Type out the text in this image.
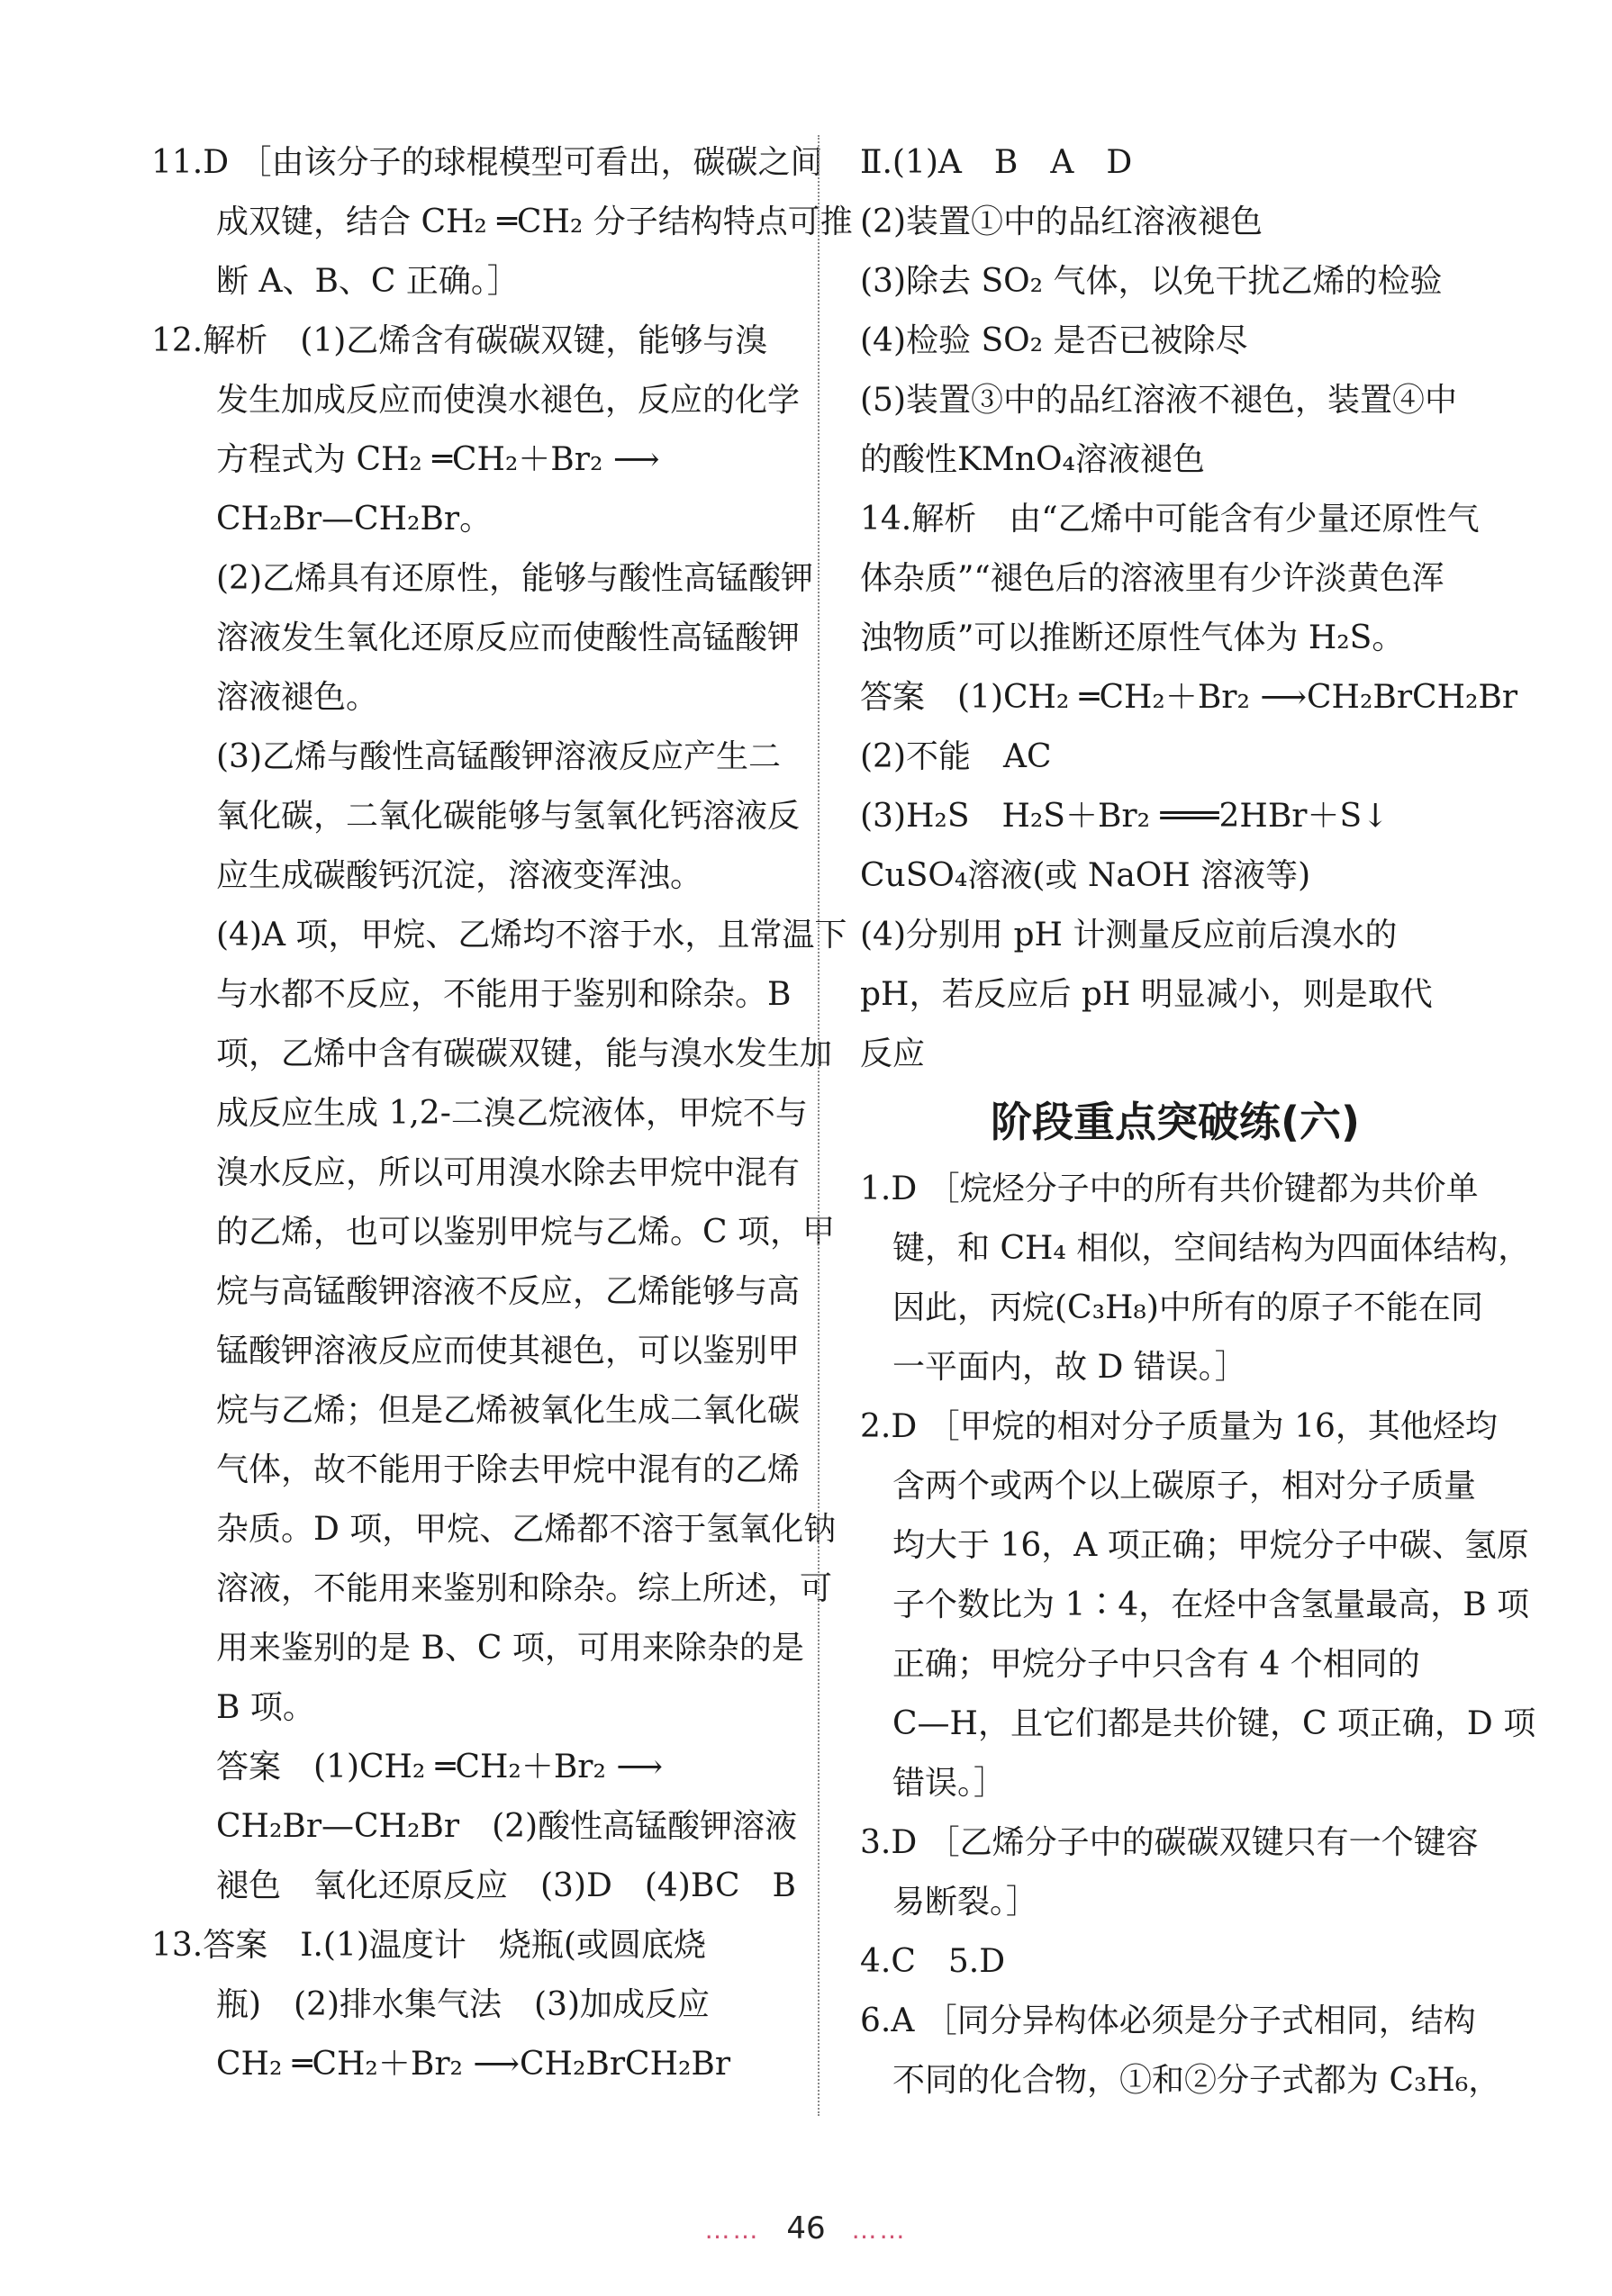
11.D ［由该分子的球棍模型可看出，碳碳之间
　　成双键，结合 CH₂ ═CH₂ 分子结构特点可推
　　断 A、B、C 正确。］
12.解析　(1)乙烯含有碳碳双键，能够与溴
　　发生加成反应而使溴水褪色，反应的化学
　　方程式为 CH₂ ═CH₂＋Br₂ ⟶
　　CH₂Br—CH₂Br。
　　(2)乙烯具有还原性，能够与酸性高锰酸钾
　　溶液发生氧化还原反应而使酸性高锰酸钾
　　溶液褪色。
　　(3)乙烯与酸性高锰酸钾溶液反应产生二
　　氧化碳，二氧化碳能够与氢氧化钙溶液反
　　应生成碳酸钙沉淀，溶液变浑浊。
　　(4)A 项，甲烷、乙烯均不溶于水，且常温下
　　与水都不反应，不能用于鉴别和除杂。B
　　项，乙烯中含有碳碳双键，能与溴水发生加
　　成反应生成 1,2-二溴乙烷液体，甲烷不与
　　溴水反应，所以可用溴水除去甲烷中混有
　　的乙烯，也可以鉴别甲烷与乙烯。C 项，甲
　　烷与高锰酸钾溶液不反应，乙烯能够与高
　　锰酸钾溶液反应而使其褪色，可以鉴别甲
　　烷与乙烯；但是乙烯被氧化生成二氧化碳
　　气体，故不能用于除去甲烷中混有的乙烯
　　杂质。D 项，甲烷、乙烯都不溶于氢氧化钠
　　溶液，不能用来鉴别和除杂。综上所述，可
　　用来鉴别的是 B、C 项，可用来除杂的是
　　B 项。
　　答案　(1)CH₂ ═CH₂＋Br₂ ⟶
　　CH₂Br—CH₂Br　(2)酸性高锰酸钾溶液
　　褪色　氧化还原反应　(3)D　(4)BC　B
13.答案　Ⅰ.(1)温度计　烧瓶(或圆底烧
　　瓶)　(2)排水集气法　(3)加成反应
　　CH₂ ═CH₂＋Br₂ ⟶CH₂BrCH₂Br
Ⅱ.(1)A　B　A　D
(2)装置①中的品红溶液褪色
(3)除去 SO₂ 气体，以免干扰乙烯的检验
(4)检验 SO₂ 是否已被除尽
(5)装置③中的品红溶液不褪色，装置④中
的酸性KMnO₄溶液褪色
14.解析　由“乙烯中可能含有少量还原性气
体杂质”“褪色后的溶液里有少许淡黄色浑
浊物质”可以推断还原性气体为 H₂S。
答案　(1)CH₂ ═CH₂＋Br₂ ⟶CH₂BrCH₂Br
(2)不能　AC
(3)H₂S　H₂S＋Br₂ ═══2HBr＋S↓
CuSO₄溶液(或 NaOH 溶液等)
(4)分别用 pH 计测量反应前后溴水的
pH，若反应后 pH 明显减小，则是取代
反应
阶段重点突破练(六)
1.D ［烷烃分子中的所有共价键都为共价单
　键，和 CH₄ 相似，空间结构为四面体结构，
　因此，丙烷(C₃H₈)中所有的原子不能在同
　一平面内，故 D 错误。］
2.D ［甲烷的相对分子质量为 16，其他烃均
　含两个或两个以上碳原子，相对分子质量
　均大于 16，A 项正确；甲烷分子中碳、氢原
　子个数比为 1∶4，在烃中含氢量最高，B 项
　正确；甲烷分子中只含有 4 个相同的
　C—H，且它们都是共价键，C 项正确，D 项
　错误。］
3.D ［乙烯分子中的碳碳双键只有一个键容
　易断裂。］
4.C　5.D
6.A ［同分异构体必须是分子式相同，结构
　不同的化合物，①和②分子式都为 C₃H₆，
…… 46 ……
